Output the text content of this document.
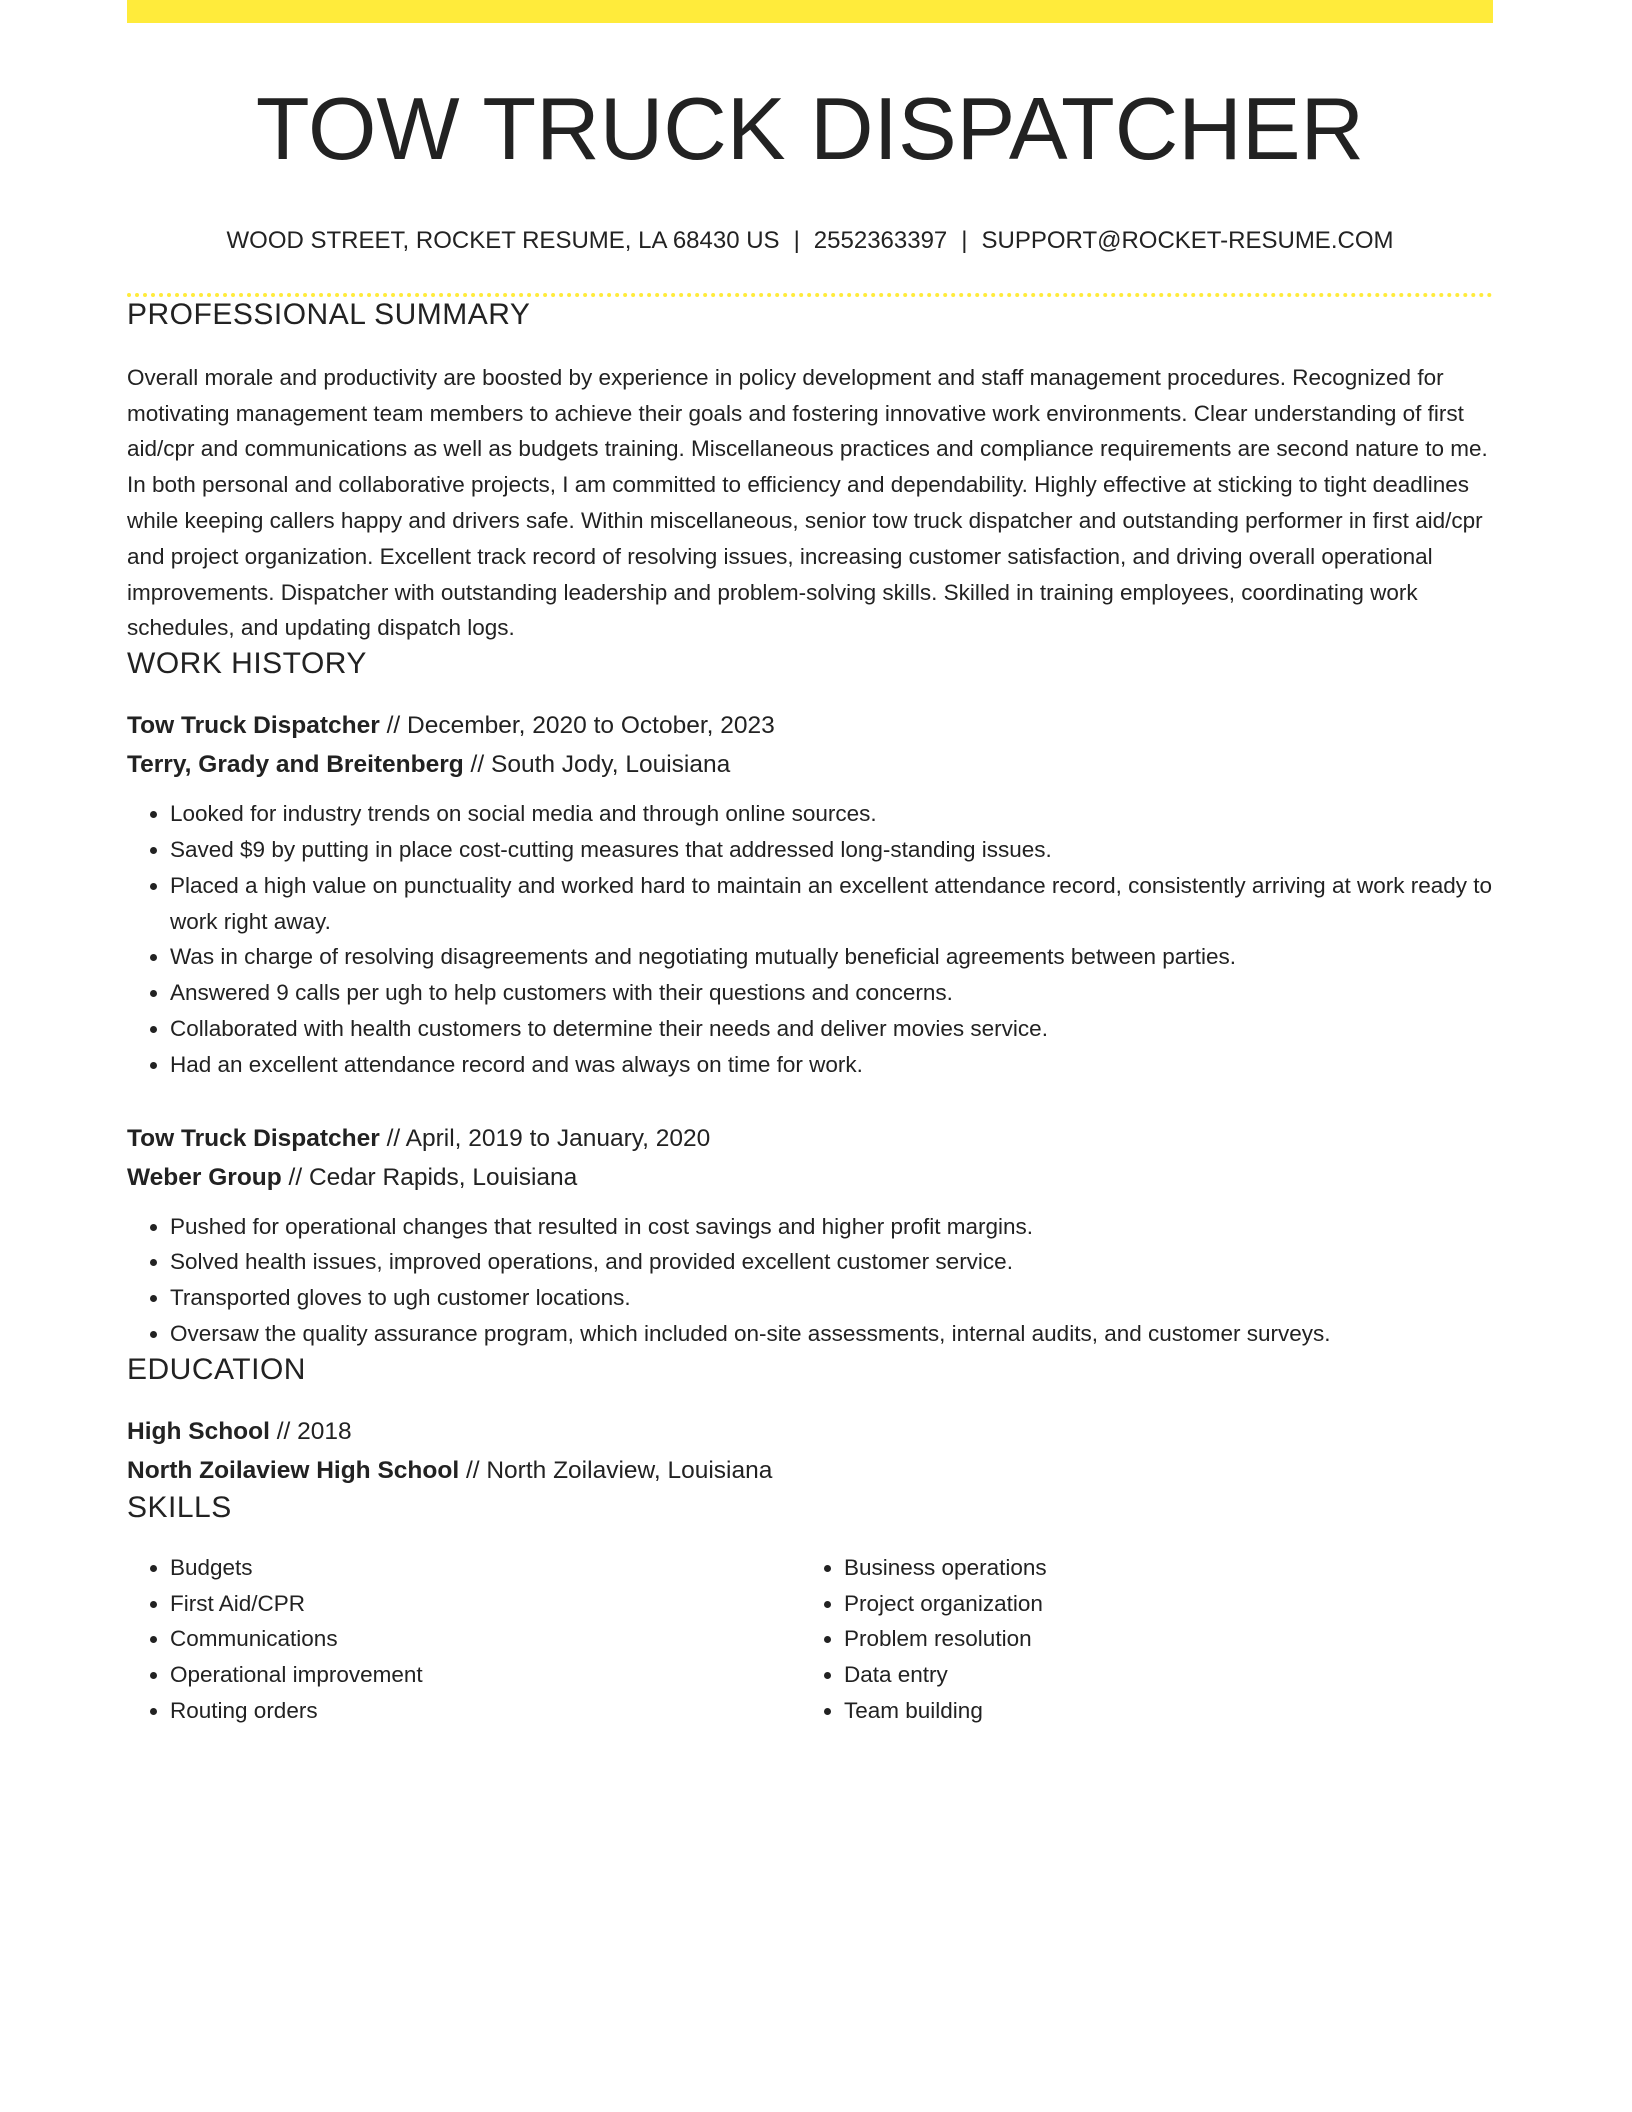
TOW TRUCK DISPATCHER
WOOD STREET, ROCKET RESUME, LA 68430 US | 2552363397 | SUPPORT@ROCKET-RESUME.COM
PROFESSIONAL SUMMARY

Overall morale and productivity are boosted by experience in policy development and staff management procedures. Recognized for motivating management team members to achieve their goals and fostering innovative work environments. Clear understanding of first aid/cpr and communications as well as budgets training. Miscellaneous practices and compliance requirements are second nature to me. In both personal and collaborative projects, I am committed to efficiency and dependability. Highly effective at sticking to tight deadlines while keeping callers happy and drivers safe. Within miscellaneous, senior tow truck dispatcher and outstanding performer in first aid/cpr and project organization. Excellent track record of resolving issues, increasing customer satisfaction, and driving overall operational improvements. Dispatcher with outstanding leadership and problem-solving skills. Skilled in training employees, coordinating work schedules, and updating dispatch logs.

WORK HISTORY
Tow Truck Dispatcher // December, 2020 to October, 2023
Terry, Grady and Breitenberg // South Jody, Louisiana
• Looked for industry trends on social media and through online sources.
• Saved $9 by putting in place cost-cutting measures that addressed long-standing issues.
• Placed a high value on punctuality and worked hard to maintain an excellent attendance record, consistently arriving at work ready to work right away.
• Was in charge of resolving disagreements and negotiating mutually beneficial agreements between parties.
• Answered 9 calls per ugh to help customers with their questions and concerns.
• Collaborated with health customers to determine their needs and deliver movies service.
• Had an excellent attendance record and was always on time for work.
Tow Truck Dispatcher // April, 2019 to January, 2020
Weber Group // Cedar Rapids, Louisiana
• Pushed for operational changes that resulted in cost savings and higher profit margins.
• Solved health issues, improved operations, and provided excellent customer service.
• Transported gloves to ugh customer locations.
• Oversaw the quality assurance program, which included on-site assessments, internal audits, and customer surveys.
EDUCATION
High School // 2018
North Zoilaview High School // North Zoilaview, Louisiana
SKILLS
• Budgets
• First Aid/CPR
• Communications
• Operational improvement
• Routing orders
• Business operations
• Project organization
• Problem resolution
• Data entry
• Team building
